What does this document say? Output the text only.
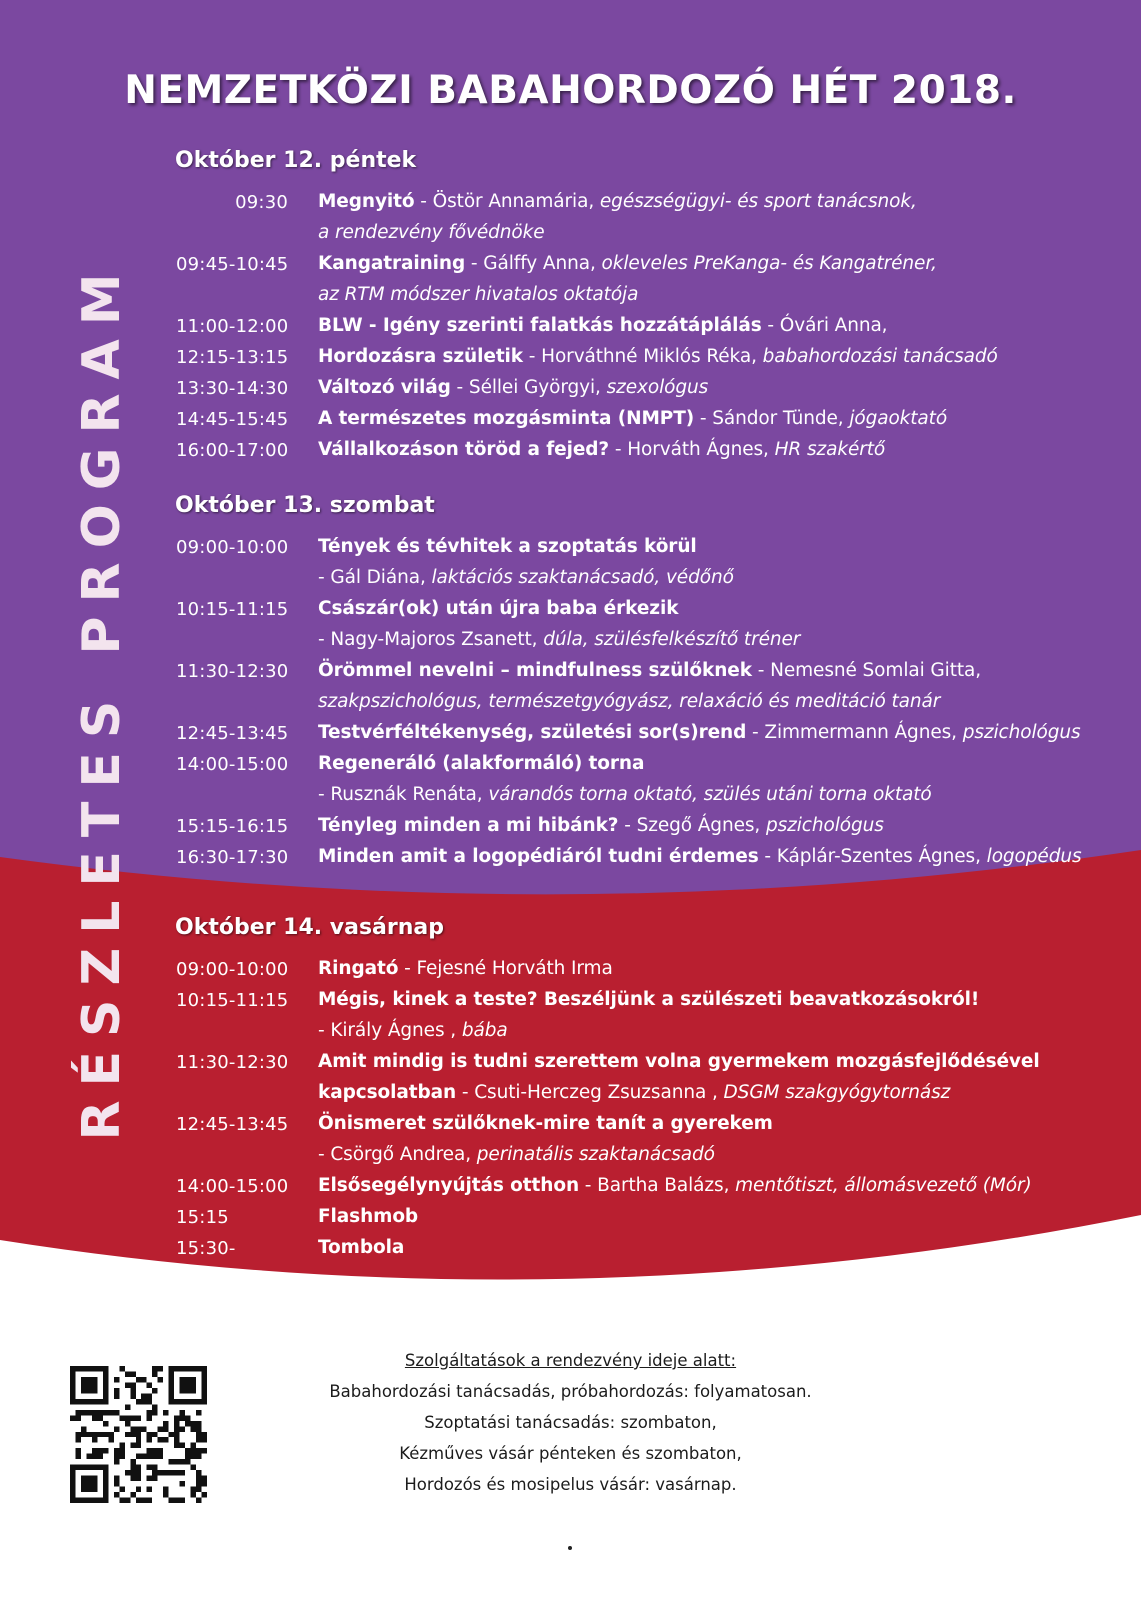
NEMZETKÖZI BABAHORDOZÓ HÉT 2018.
RÉSZLETES PROGRAM
Október 12. péntek
09:30 Megnyitó - Östör Annamária, egészségügyi- és sport tanácsnok,
a rendezvény fővédnöke
09:45-10:45 Kangatraining - Gálffy Anna, okleveles PreKanga- és Kangatréner,
az RTM módszer hivatalos oktatója
11:00-12:00 BLW - Igény szerinti falatkás hozzátáplálás - Óvári Anna,
12:15-13:15 Hordozásra születik - Horváthné Miklós Réka, babahordozási tanácsadó
13:30-14:30 Változó világ - Séllei Györgyi, szexológus
14:45-15:45 A természetes mozgásminta (NMPT) - Sándor Tünde, jógaoktató
16:00-17:00 Vállalkozáson töröd a fejed? - Horváth Ágnes, HR szakértő
Október 13. szombat
09:00-10:00 Tények és tévhitek a szoptatás körül
- Gál Diána, laktációs szaktanácsadó, védőnő
10:15-11:15 Császár(ok) után újra baba érkezik
- Nagy-Majoros Zsanett, dúla, szülésfelkészítő tréner
11:30-12:30 Örömmel nevelni – mindfulness szülőknek - Nemesné Somlai Gitta,
szakpszichológus, természetgyógyász, relaxáció és meditáció tanár
12:45-13:45 Testvérféltékenység, születési sor(s)rend - Zimmermann Ágnes, pszichológus
14:00-15:00 Regeneráló (alakformáló) torna
- Rusznák Renáta, várandós torna oktató, szülés utáni torna oktató
15:15-16:15 Tényleg minden a mi hibánk? - Szegő Ágnes, pszichológus
16:30-17:30 Minden amit a logopédiáról tudni érdemes - Káplár-Szentes Ágnes, logopédus
Október 14. vasárnap
09:00-10:00 Ringató - Fejesné Horváth Irma
10:15-11:15 Mégis, kinek a teste? Beszéljünk a szülészeti beavatkozásokról!
- Király Ágnes , bába
11:30-12:30 Amit mindig is tudni szerettem volna gyermekem mozgásfejlődésével
kapcsolatban - Csuti-Herczeg Zsuzsanna , DSGM szakgyógytornász
12:45-13:45 Önismeret szülőknek-mire tanít a gyerekem
- Csörgő Andrea, perinatális szaktanácsadó
14:00-15:00 Elsősegélynyújtás otthon - Bartha Balázs, mentőtiszt, állomásvezető (Mór)
15:15	Flashmob
15:30-	Tombola
Szolgáltatások a rendezvény ideje alatt:
Babahordozási tanácsadás, próbahordozás: folyamatosan.
Szoptatási tanácsadás: szombaton,
Kézműves vásár pénteken és szombaton,
Hordozós és mosipelus vásár: vasárnap.
